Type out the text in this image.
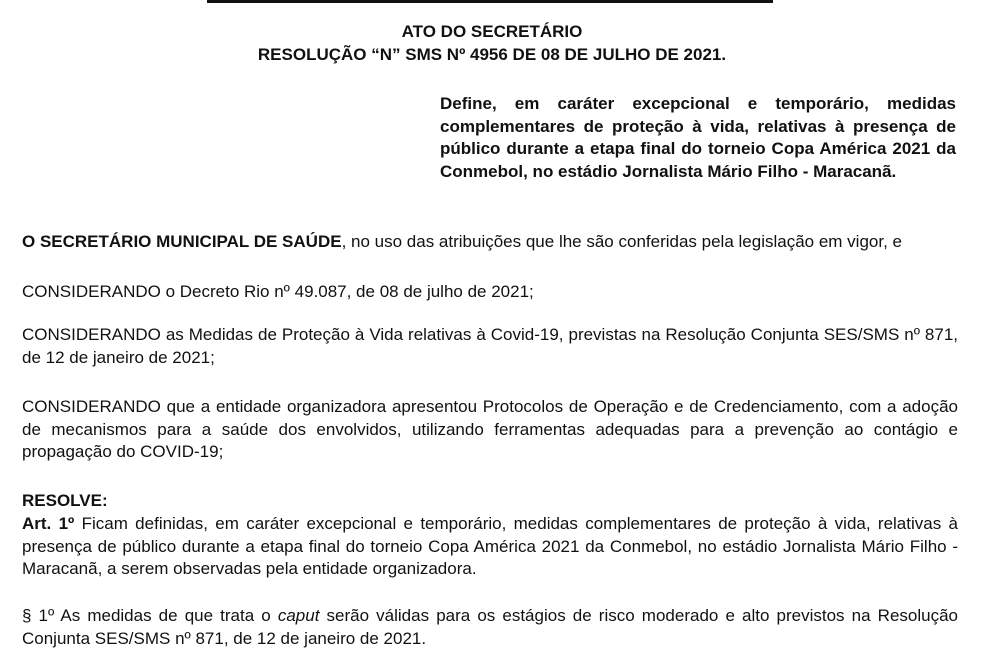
ATO DO SECRETÁRIO
RESOLUÇÃO “N” SMS Nº 4956 DE 08 DE JULHO DE 2021.
Define, em caráter excepcional e temporário, medidas complementares de proteção à vida, relativas à presença de público durante a etapa final do torneio Copa América 2021 da Conmebol, no estádio Jornalista Mário Filho - Maracanã.
O SECRETÁRIO MUNICIPAL DE SAÚDE, no uso das atribuições que lhe são conferidas pela legislação em vigor, e
CONSIDERANDO o Decreto Rio nº 49.087, de 08 de julho de 2021;
CONSIDERANDO as Medidas de Proteção à Vida relativas à Covid-19, previstas na Resolução Conjunta SES/SMS nº 871, de 12 de janeiro de 2021;
CONSIDERANDO que a entidade organizadora apresentou Protocolos de Operação e de Credenciamento, com a adoção de mecanismos para a saúde dos envolvidos, utilizando ferramentas adequadas para a prevenção ao contágio e propagação do COVID-19;
RESOLVE:
Art. 1º Ficam definidas, em caráter excepcional e temporário, medidas complementares de proteção à vida, relativas à presença de público durante a etapa final do torneio Copa América 2021 da Conmebol, no estádio Jornalista Mário Filho - Maracanã, a serem observadas pela entidade organizadora.
§ 1º As medidas de que trata o caput serão válidas para os estágios de risco moderado e alto previstos na Resolução Conjunta SES/SMS nº 871, de 12 de janeiro de 2021.
